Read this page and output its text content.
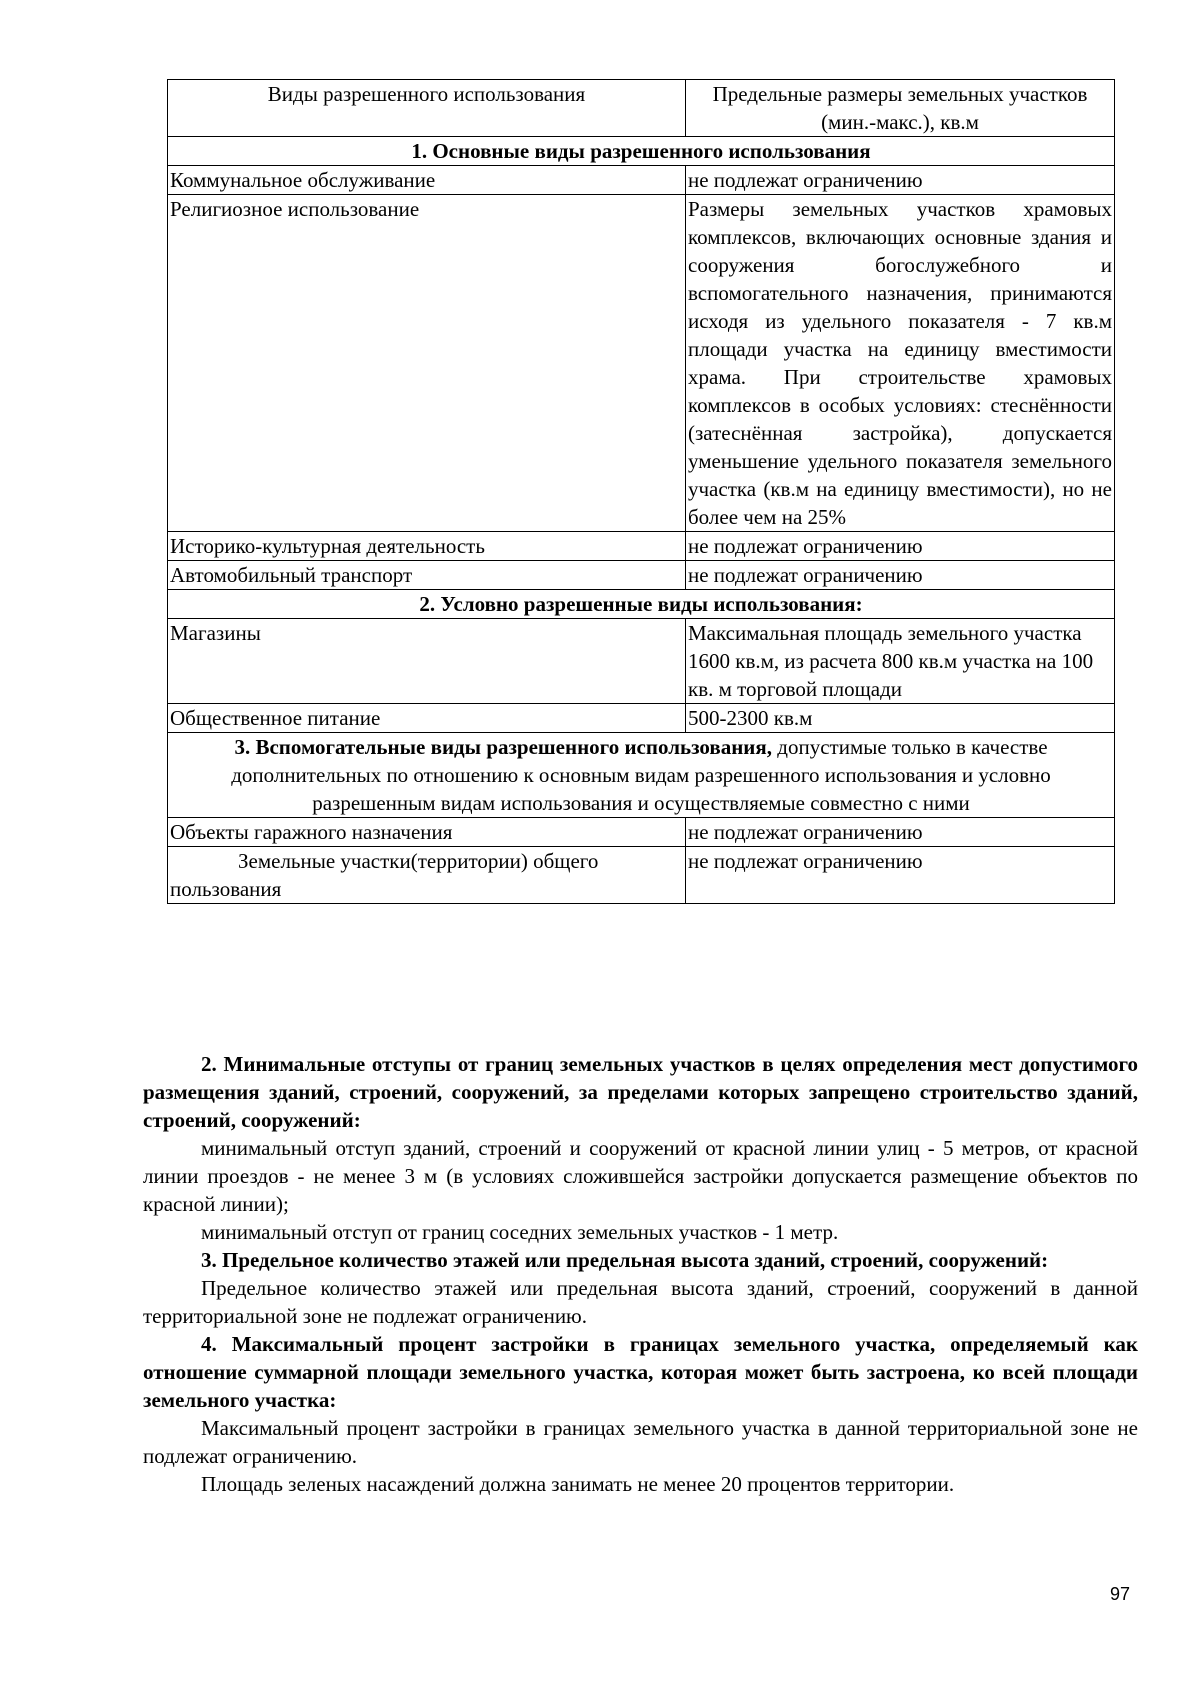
Виды разрешенного использования	Предельные размеры земельных участков (мин.-макс.), кв.м
1. Основные виды разрешенного использования	
Коммунальное обслуживание	не подлежат ограничению
Религиозное использование	Размеры земельных участков храмовых комплексов, включающих основные здания и сооружения богослужебного и вспомогательного назначения, принимаются исходя из удельного показателя - 7 кв.м площади участка на единицу вместимости храма. При строительстве храмовых комплексов в особых условиях: стеснённости (затеснённая застройка), допускается уменьшение удельного показателя земельного участка (кв.м на единицу вместимости), но не более чем на 25%
Историко-культурная деятельность	не подлежат ограничению
Автомобильный транспорт	не подлежат ограничению
2. Условно разрешенные виды использования:	
Магазины	Максимальная площадь земельного участка 1600 кв.м, из расчета 800 кв.м участка на 100 кв. м торговой площади
Общественное питание	500-2300 кв.м
3. Вспомогательные виды разрешенного использования, допустимые только в качестве дополнительных по отношению к основным видам разрешенного использования и условно разрешенным видам использования и осуществляемые совместно с ними	
Объекты гаражного назначения	не подлежат ограничению

Земельные участки(территории) общего
пользования	не подлежат ограничению

2. Минимальные отступы от границ земельных участков в целях определения мест допустимого размещения зданий, строений, сооружений, за пределами которых запрещено строительство зданий, строений, сооружений:

минимальный отступ зданий, строений и сооружений от красной линии улиц - 5 метров, от красной линии проездов - не менее 3 м (в условиях сложившейся застройки допускается размещение объектов по красной линии);

минимальный отступ от границ соседних земельных участков - 1 метр.

3. Предельное количество этажей или предельная высота зданий, строений, сооружений:

Предельное количество этажей или предельная высота зданий, строений, сооружений в данной территориальной зоне не подлежат ограничению.

4. Максимальный процент застройки в границах земельного участка, определяемый как отношение суммарной площади земельного участка, которая может быть застроена, ко всей площади земельного участка:

Максимальный процент застройки в границах земельного участка в данной территориальной зоне не подлежат ограничению.

Площадь зеленых насаждений должна занимать не менее 20 процентов территории.

97
